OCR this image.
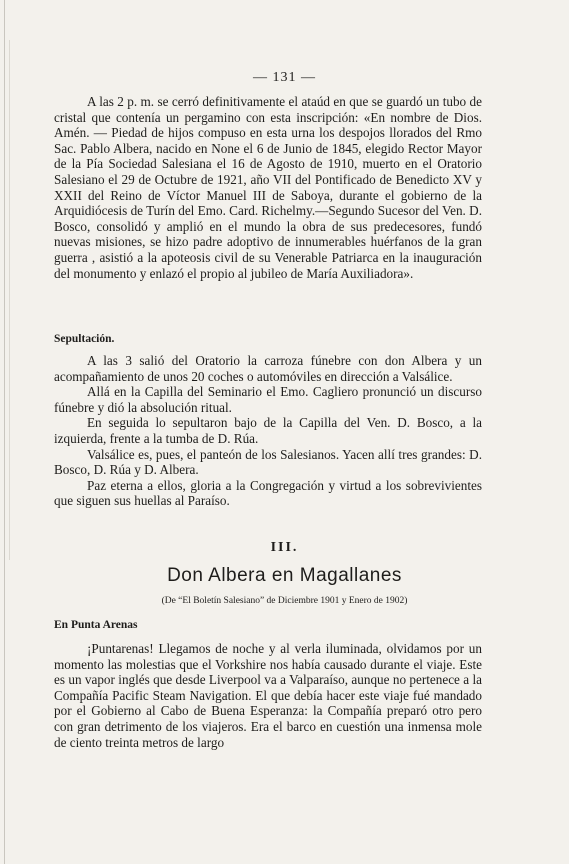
— 131 —

A las 2 p. m. se cerró definitivamente el ataúd en que se guardó un tubo de cristal que contenía un pergamino con esta inscripción: «En nombre de Dios. Amén. — Piedad de hijos compuso en esta urna los despojos llorados del Rmo Sac. Pablo Albera, nacido en None el 6 de Junio de 1845, elegido Rector Mayor de la Pía Sociedad Salesiana el 16 de Agosto de 1910, muerto en el Oratorio Salesiano el 29 de Octubre de 1921, año VII del Pontificado de Benedicto XV y XXII del Reino de Víctor Manuel III de Saboya, durante el gobierno de la Arquidiócesis de Turín del Emo. Card. Richelmy.—Segundo Sucesor del Ven. D. Bosco, consolidó y amplió en el mundo la obra de sus predecesores, fundó nuevas misiones, se hizo padre adoptivo de innumerables huérfanos de la gran guerra , asistió a la apoteosis civil de su Venerable Patriarca en la inauguración del monumento y enlazó el propio al jubileo de María Auxiliadora».

Sepultación.

A las 3 salió del Oratorio la carroza fúnebre con don Albera y un acompañamiento de unos 20 coches o automóviles en dirección a Valsálice.

Allá en la Capilla del Seminario el Emo. Cagliero pronunció un discurso fúnebre y dió la absolución ritual.

En seguida lo sepultaron bajo de la Capilla del Ven. D. Bosco, a la izquierda, frente a la tumba de D. Rúa.

Valsálice es, pues, el panteón de los Salesianos. Yacen allí tres grandes: D. Bosco, D. Rúa y D. Albera.

Paz eterna a ellos, gloria a la Congregación y virtud a los sobrevivientes que siguen sus huellas al Paraíso.

III.
Don Albera en Magallanes
(De “El Boletín Salesiano” de Diciembre 1901 y Enero de 1902)
En Punta Arenas

¡Puntarenas! Llegamos de noche y al verla iluminada, olvidamos por un momento las molestias que el Vorkshire nos había causado durante el viaje. Este es un vapor inglés que desde Liverpool va a Valparaíso, aunque no pertenece a la Compañía Pacific Steam Navigation. El que debía hacer este viaje fué mandado por el Gobierno al Cabo de Buena Esperanza: la Compañía preparó otro pero con gran detrimento de los viajeros. Era el barco en cuestión una inmensa mole de ciento treinta metros de largo
